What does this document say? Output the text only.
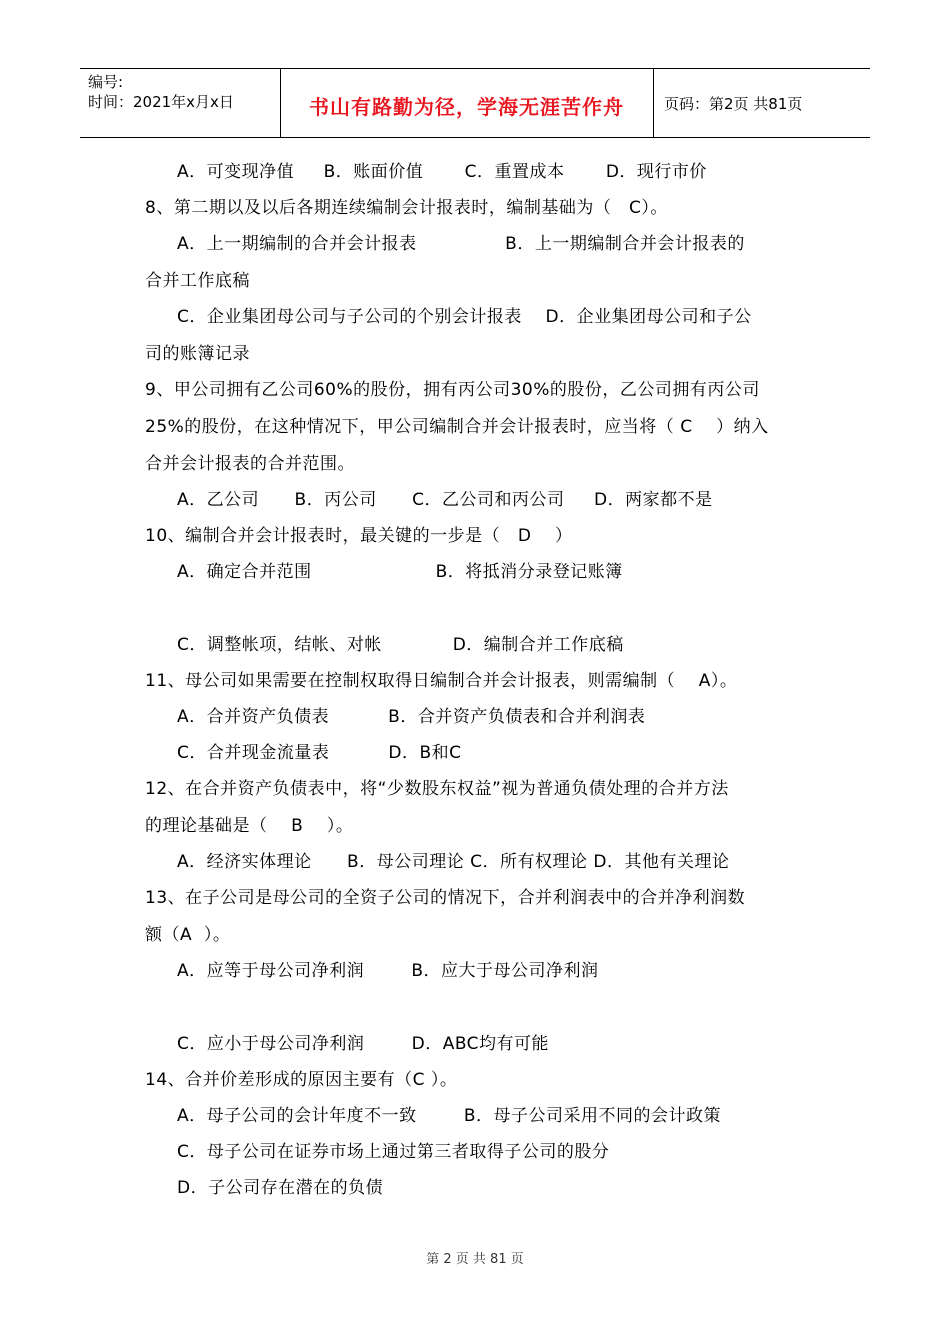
编号:
时间：2021年x月x日	书山有路勤为径，学海无涯苦作舟	页码：第2页 共81页
A．可变现净值     B．账面价值       C．重置成本       D．现行市价
8、第二期以及以后各期连续编制会计报表时，编制基础为（   C）。
A．上一期编制的合并会计报表               B．上一期编制合并会计报表的
合并工作底稿
C．企业集团母公司与子公司的个别会计报表    D．企业集团母公司和子公
司的账簿记录
9、甲公司拥有乙公司60%的股份，拥有丙公司30%的股份，乙公司拥有丙公司
25%的股份，在这种情况下，甲公司编制合并会计报表时，应当将（ C    ）纳入
合并会计报表的合并范围。
A．乙公司      B．丙公司      C．乙公司和丙公司     D．两家都不是
10、编制合并会计报表时，最关键的一步是（   D    ）
A．确定合并范围                     B．将抵消分录登记账簿
C．调整帐项，结帐、对帐            D．编制合并工作底稿
11、母公司如果需要在控制权取得日编制合并会计报表，则需编制（    A）。
A．合并资产负债表          B．合并资产负债表和合并利润表
C．合并现金流量表          D．B和C
12、在合并资产负债表中，将“少数股东权益”视为普通负债处理的合并方法
的理论基础是（    B    ）。
A．经济实体理论      B．母公司理论 C．所有权理论 D．其他有关理论
13、在子公司是母公司的全资子公司的情况下，合并利润表中的合并净利润数
额（A  ）。
A．应等于母公司净利润        B．应大于母公司净利润
C．应小于母公司净利润        D．ABC均有可能
14、合并价差形成的原因主要有（C ）。
A．母子公司的会计年度不一致        B．母子公司采用不同的会计政策
C．母子公司在证券市场上通过第三者取得子公司的股分
D．子公司存在潜在的负债
第 2 页 共 81 页
